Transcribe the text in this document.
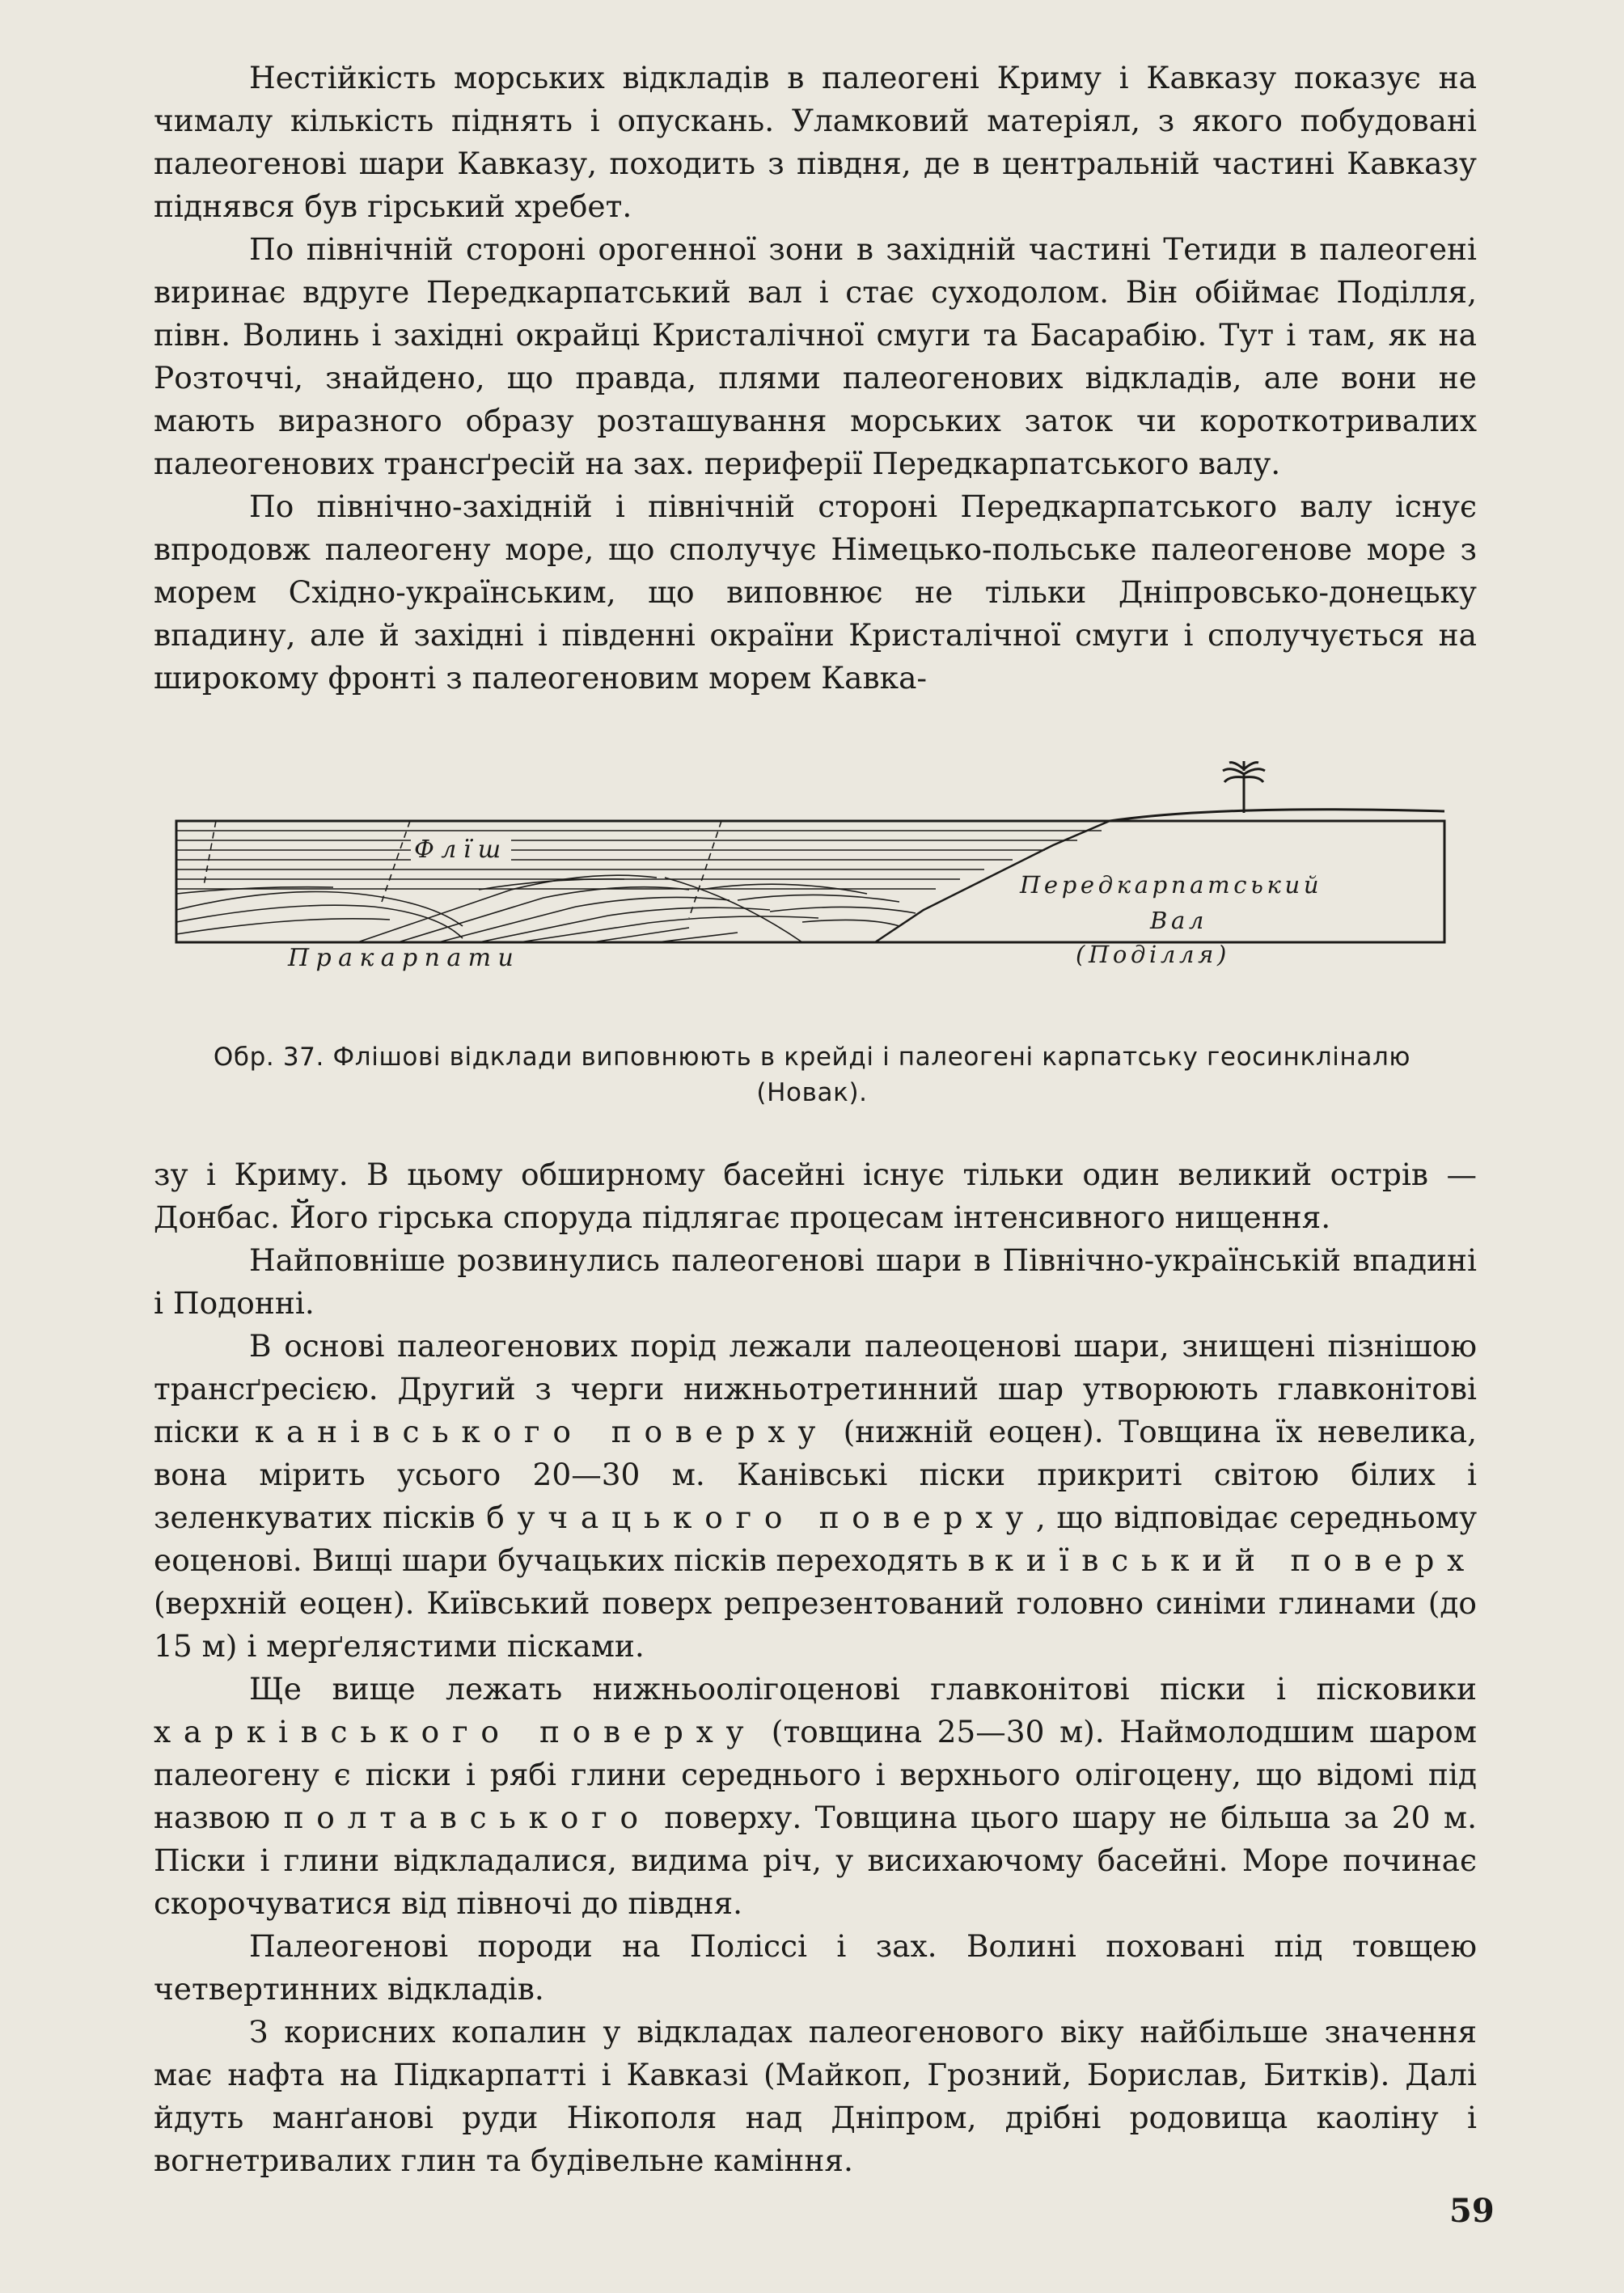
Нестійкість морських відкладів в палеогені Криму і Кавказу показує на чималу кількість піднять і опускань. Уламковий матеріял, з якого побудовані палеогенові шари Кавказу, походить з півдня, де в центральній частині Кавказу піднявся був гірський хребет.

По північній стороні орогенної зони в західній частині Тетиди в палеогені виринає вдруге Передкарпатський вал і стає суходолом. Він обіймає Поділля, півн. Волинь і західні окрайці Кристалічної смуги та Басарабію. Тут і там, як на Розточчі, знайдено, що правда, плями палеогенових відкладів, але вони не мають виразного образу розташування морських заток чи короткотривалих палеогенових трансґресій на зах. периферії Передкарпатського валу.

По північно-західній і північній стороні Передкарпатського валу існує впродовж палеогену море, що сполучує Німецько-польське палеогенове море з морем Східно-українським, що виповнює не тільки Дніпровсько-донецьку впадину, але й західні і південні окраїни Кристалічної смуги і сполучується на широкому фронті з палеогеновим морем Кавка-

Флїш
Пракарпати
Передкарпатський
Вал
(Поділля)
Обр. 37. Флішові відклади виповнюють в крейді і палеогені карпатську геосинкліналю (Новак).

зу і Криму. В цьому обширному басейні існує тільки один великий острів — Донбас. Його гірська споруда підлягає процесам інтенсивного нищення.

Найповніше розвинулись палеогенові шари в Північно-українській впадині і Подонні.

В основі палеогенових порід лежали палеоценові шари, знищені пізнішою трансґресією. Другий з черги нижньотретинний шар утворюють главконітові піски канівського поверху (нижній еоцен). Товщина їх невелика, вона мірить усього 20—30 м. Канівські піски прикриті світою білих і зеленкуватих пісків бучацького поверху, що відповідає середньому еоценові. Вищі шари бучацьких пісків переходять в київський поверх (верхній еоцен). Київський поверх репрезентований головно синіми глинами (до 15 м) і мерґелястими пісками.

Ще вище лежать нижньоолігоценові главконітові піски і пісковики харківського поверху (товщина 25—30 м). Наймолодшим шаром палеогену є піски і рябі глини середнього і верхнього олігоцену, що відомі під назвою полтавського поверху. Товщина цього шару не більша за 20 м. Піски і глини відкладалися, видима річ, у висихаючому басейні. Море починає скорочуватися від півночі до півдня.

Палеогенові породи на Поліссі і зах. Волині поховані під товщею четвертинних відкладів.

З корисних копалин у відкладах палеогенового віку найбільше значення має нафта на Підкарпатті і Кавказі (Майкоп, Грозний, Борислав, Битків). Далі йдуть манґанові руди Нікополя над Дніпром, дрібні родовища каоліну і вогнетривалих глин та будівельне каміння.

59
